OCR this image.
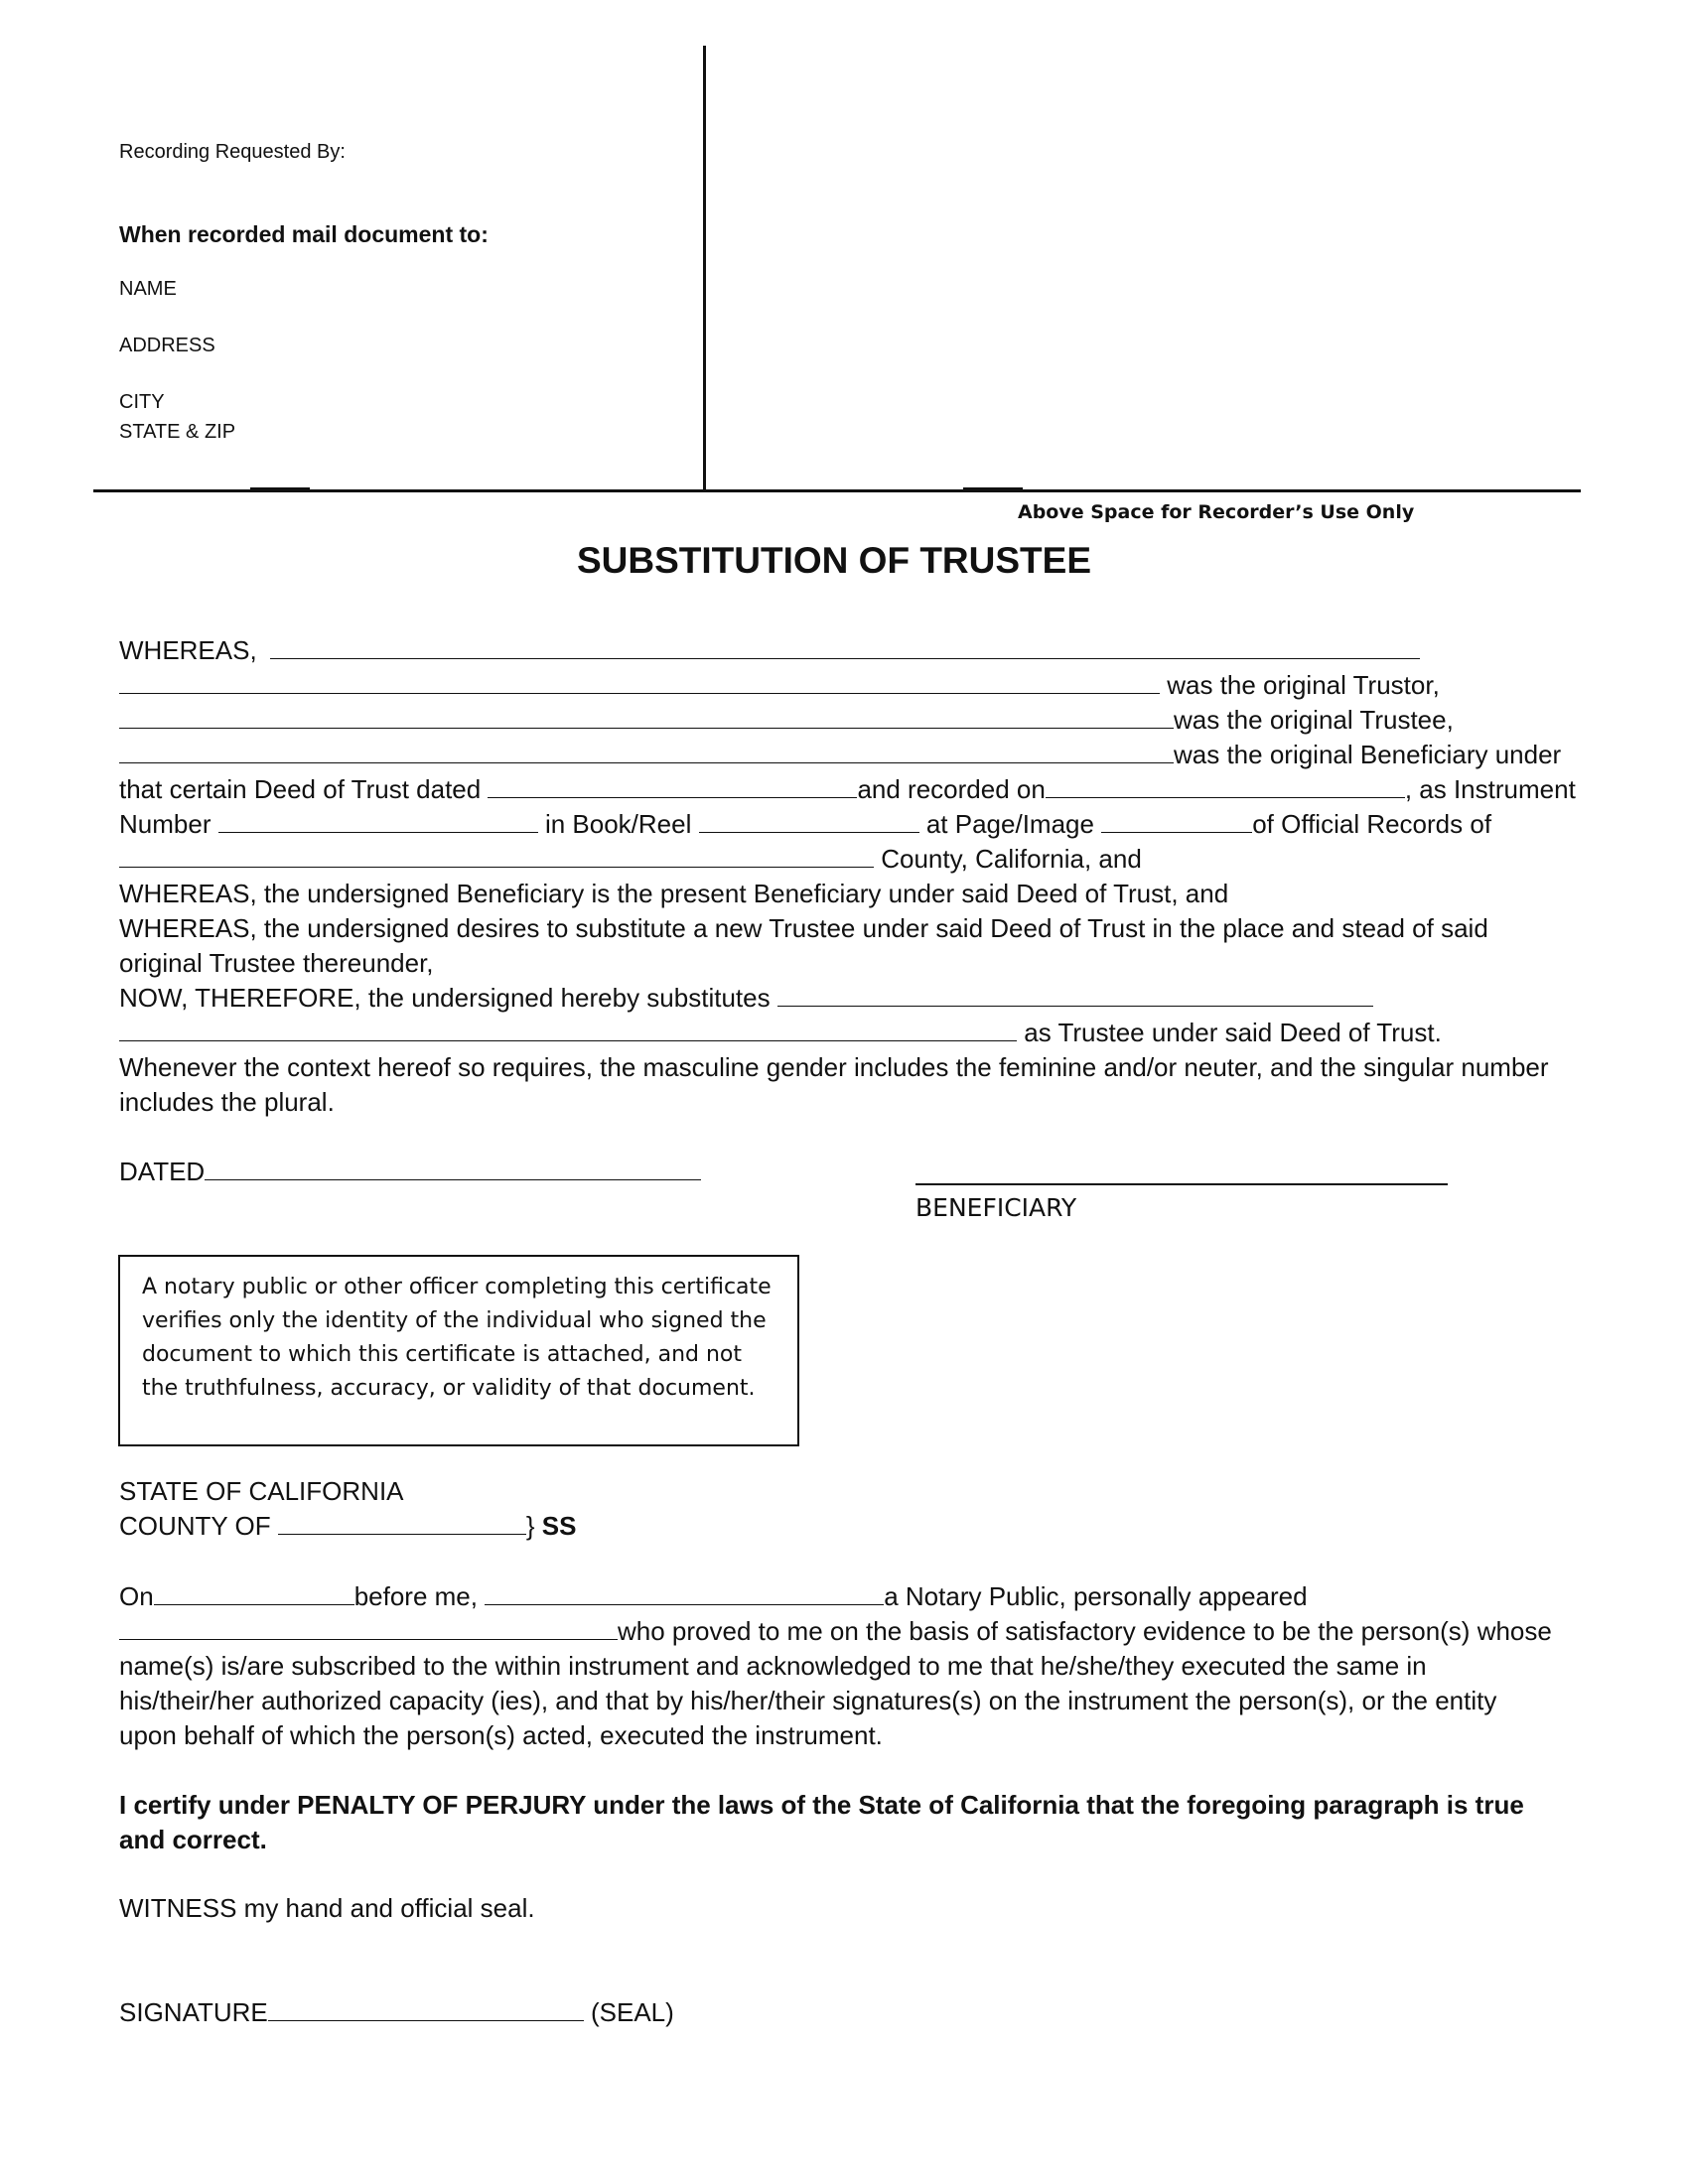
Recording Requested By:
When recorded mail document to:
NAME
ADDRESS
CITY
STATE & ZIP
Above Space for Recorder’s Use Only
SUBSTITUTION OF TRUSTEE
WHEREAS,
was the original Trustor,
was the original Trustee,
was the original Beneficiary under
that certain Deed of Trust dated	and recorded on	, as Instrument
Number	in Book/Reel	at Page/Image	of Official Records of
County, California, and
WHEREAS, the undersigned Beneficiary is the present Beneficiary under said Deed of Trust, and
WHEREAS, the undersigned desires to substitute a new Trustee under said Deed of Trust in the place and stead of said original Trustee thereunder,
NOW, THEREFORE, the undersigned hereby substitutes
as Trustee under said Deed of Trust.
Whenever the context hereof so requires, the masculine gender includes the feminine and/or neuter, and the singular number includes the plural.
DATED
BENEFICIARY
A notary public or other officer completing this certificate verifies only the identity of the individual who signed the document to which this certificate is attached, and not the truthfulness, accuracy, or validity of that document.
STATE OF CALIFORNIA
COUNTY OF	} SS
On	before me,	a Notary Public, personally appeared
who proved to me on the basis of satisfactory evidence to be the person(s) whose
name(s) is/are subscribed to the within instrument and acknowledged to me that he/she/they executed the same in his/their/her authorized capacity (ies), and that by his/her/their signatures(s) on the instrument the person(s), or the entity upon behalf of which the person(s) acted, executed the instrument.
I certify under PENALTY OF PERJURY under the laws of the State of California that the foregoing paragraph is true and correct.
WITNESS my hand and official seal.
SIGNATURE	(SEAL)
